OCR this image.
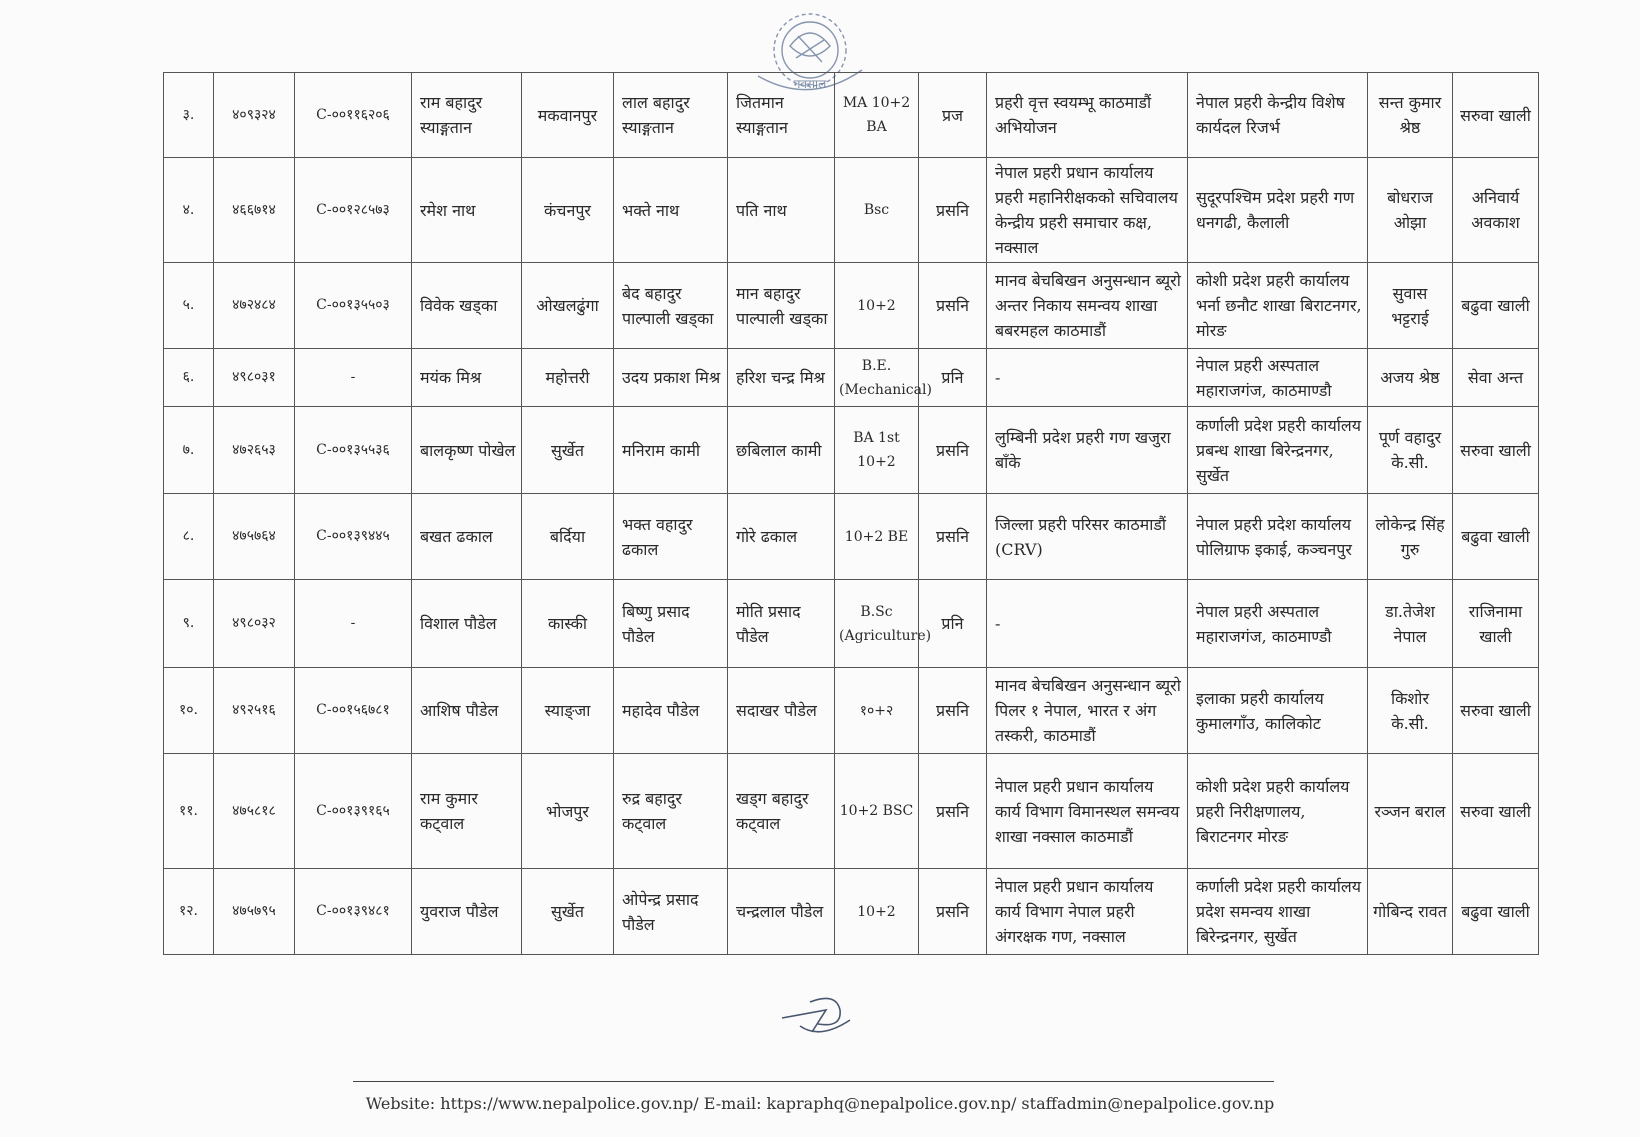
नक्साल
३.	४०९३२४	C-००११६२०६	राम बहादुर स्याङ्गतान	मकवानपुर	लाल बहादुर स्याङ्गतान	जितमान स्याङ्गतान	MA 10+2 BA	प्रज	प्रहरी वृत्त स्वयम्भू काठमाडौं अभियोजन	नेपाल प्रहरी केन्द्रीय विशेष कार्यदल रिजर्भ	सन्त कुमार श्रेष्ठ	सरुवा खाली
४.	४६६७१४	C-००१२८५७३	रमेश नाथ	कंचनपुर	भक्ते नाथ	पति नाथ	Bsc	प्रसनि	नेपाल प्रहरी प्रधान कार्यालय प्रहरी महानिरीक्षकको सचिवालय केन्द्रीय प्रहरी समाचार कक्ष, नक्साल	सुदूरपश्चिम प्रदेश प्रहरी गण धनगढी, कैलाली	बोधराज ओझा	अनिवार्य अवकाश
५.	४७२४८४	C-००१३५५०३	विवेक खड्का	ओखलढुंगा	बेद बहादुर पाल्पाली खड्का	मान बहादुर पाल्पाली खड्का	10+2	प्रसनि	मानव बेचबिखन अनुसन्धान ब्यूरो अन्तर निकाय समन्वय शाखा बबरमहल काठमाडौं	कोशी प्रदेश प्रहरी कार्यालय भर्ना छनौट शाखा बिराटनगर, मोरङ	सुवास भट्टराई	बढुवा खाली
६.	४९८०३१	-	मयंक मिश्र	महोत्तरी	उदय प्रकाश मिश्र	हरिश चन्द्र मिश्र	B.E.(Mechanical)	प्रनि	-	नेपाल प्रहरी अस्पताल महाराजगंज, काठमाण्डौ	अजय श्रेष्ठ	सेवा अन्त
७.	४७२६५३	C-००१३५५३६	बालकृष्ण पोखेल	सुर्खेत	मनिराम कामी	छबिलाल कामी	BA 1st 10+2	प्रसनि	लुम्बिनी प्रदेश प्रहरी गण खजुरा बाँके	कर्णाली प्रदेश प्रहरी कार्यालय प्रबन्ध शाखा बिरेन्द्रनगर, सुर्खेत	पूर्ण वहादुर के.सी.	सरुवा खाली
८.	४७५७६४	C-००१३९४४५	बखत ढकाल	बर्दिया	भक्त वहादुर ढकाल	गोरे ढकाल	10+2 BE	प्रसनि	जिल्ला प्रहरी परिसर काठमाडौं (CRV)	नेपाल प्रहरी प्रदेश कार्यालय पोलिग्राफ इकाई, कञ्चनपुर	लोकेन्द्र सिंह गुरु	बढुवा खाली
९.	४९८०३२	-	विशाल पौडेल	कास्की	बिष्णु प्रसाद पौडेल	मोति प्रसाद पौडेल	B.Sc (Agriculture)	प्रनि	-	नेपाल प्रहरी अस्पताल महाराजगंज, काठमाण्डौ	डा.तेजेश नेपाल	राजिनामा खाली
१०.	४९२५१६	C-००१५६७८१	आशिष पौडेल	स्याङ्जा	महादेव पौडेल	सदाखर पौडेल	१०+२	प्रसनि	मानव बेचबिखन अनुसन्धान ब्यूरो पिलर १ नेपाल, भारत र अंग तस्करी, काठमाडौं	इलाका प्रहरी कार्यालय कुमालगाँउ, कालिकोट	किशोर के.सी.	सरुवा खाली
११.	४७५८१८	C-००१३९१६५	राम कुमार कट्वाल	भोजपुर	रुद्र बहादुर कट्वाल	खड्ग बहादुर कट्वाल	10+2 BSC	प्रसनि	नेपाल प्रहरी प्रधान कार्यालय कार्य विभाग विमानस्थल समन्वय शाखा नक्साल काठमाडौं	कोशी प्रदेश प्रहरी कार्यालय प्रहरी निरीक्षणालय, बिराटनगर मोरङ	रञ्जन बराल	सरुवा खाली
१२.	४७५७९५	C-००१३९४८१	युवराज पौडेल	सुर्खेत	ओपेन्द्र प्रसाद पौडेल	चन्द्रलाल पौडेल	10+2	प्रसनि	नेपाल प्रहरी प्रधान कार्यालय कार्य विभाग नेपाल प्रहरी अंगरक्षक गण, नक्साल	कर्णाली प्रदेश प्रहरी कार्यालय प्रदेश समन्वय शाखा बिरेन्द्रनगर, सुर्खेत	गोबिन्द रावत	बढुवा खाली
Website: https://www.nepalpolice.gov.np/ E-mail: kapraphq@nepalpolice.gov.np/ staffadmin@nepalpolice.gov.np
